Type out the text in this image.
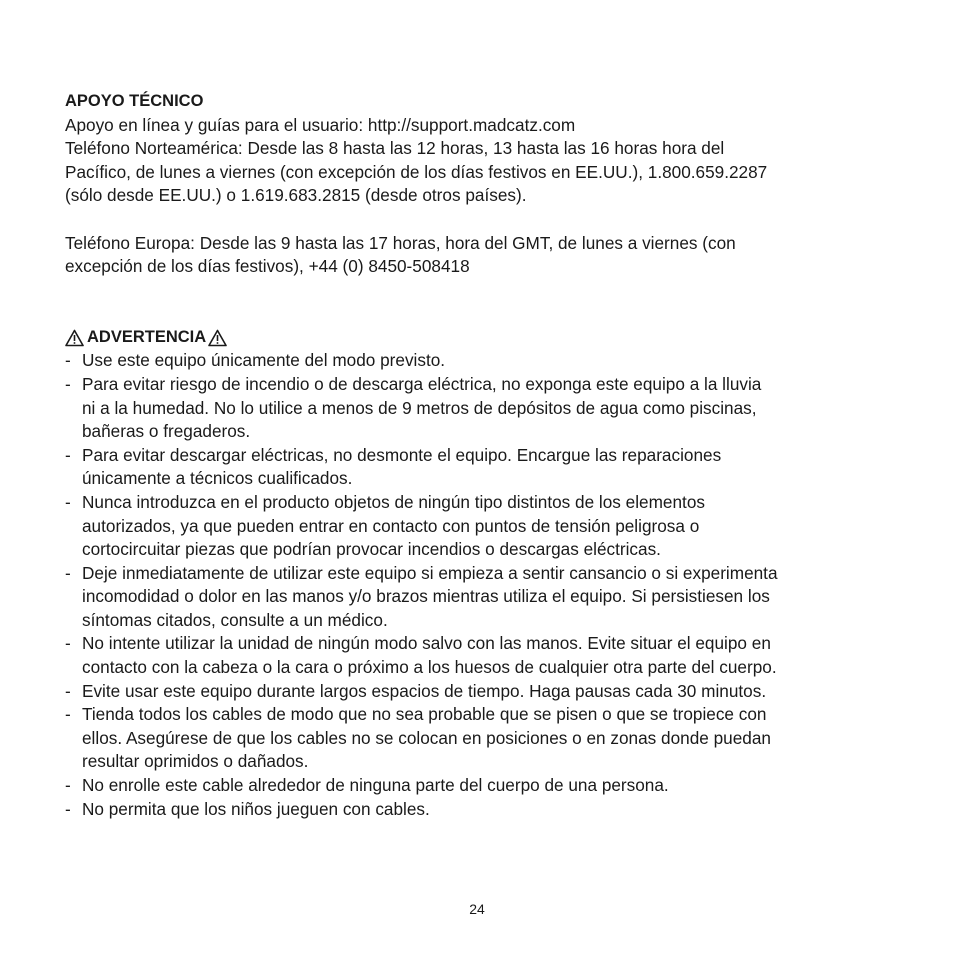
APOYO TÉCNICO

Apoyo en línea y guías para el usuario: http://support.madcatz.com

Teléfono Norteamérica: Desde las 8 hasta las 12 horas, 13 hasta las 16 horas hora del

Pacífico, de lunes a viernes (con excepción de los días festivos en EE.UU.), 1.800.659.2287

(sólo desde EE.UU.) o 1.619.683.2815 (desde otros países).

Teléfono Europa: Desde las 9 hasta las 17 horas, hora del GMT, de lunes a viernes (con

excepción de los días festivos), +44 (0) 8450-508418

ADVERTENCIA

- Use este equipo únicamente del modo previsto.
- Para evitar riesgo de incendio o de descarga eléctrica, no exponga este equipo a la lluvia
ni a la humedad. No lo utilice a menos de 9 metros de depósitos de agua como piscinas,
bañeras o fregaderos.
- Para evitar descargar eléctricas, no desmonte el equipo. Encargue las reparaciones
únicamente a técnicos cualificados.
- Nunca introduzca en el producto objetos de ningún tipo distintos de los elementos
autorizados, ya que pueden entrar en contacto con puntos de tensión peligrosa o
cortocircuitar piezas que podrían provocar incendios o descargas eléctricas.
- Deje inmediatamente de utilizar este equipo si empieza a sentir cansancio o si experimenta
incomodidad o dolor en las manos y/o brazos mientras utiliza el equipo. Si persistiesen los
síntomas citados, consulte a un médico.
- No intente utilizar la unidad de ningún modo salvo con las manos. Evite situar el equipo en
contacto con la cabeza o la cara o próximo a los huesos de cualquier otra parte del cuerpo.
- Evite usar este equipo durante largos espacios de tiempo. Haga pausas cada 30 minutos.
- Tienda todos los cables de modo que no sea probable que se pisen o que se tropiece con
ellos. Asegúrese de que los cables no se colocan en posiciones o en zonas donde puedan
resultar oprimidos o dañados.
- No enrolle este cable alrededor de ninguna parte del cuerpo de una persona.
- No permita que los niños jueguen con cables.
24
